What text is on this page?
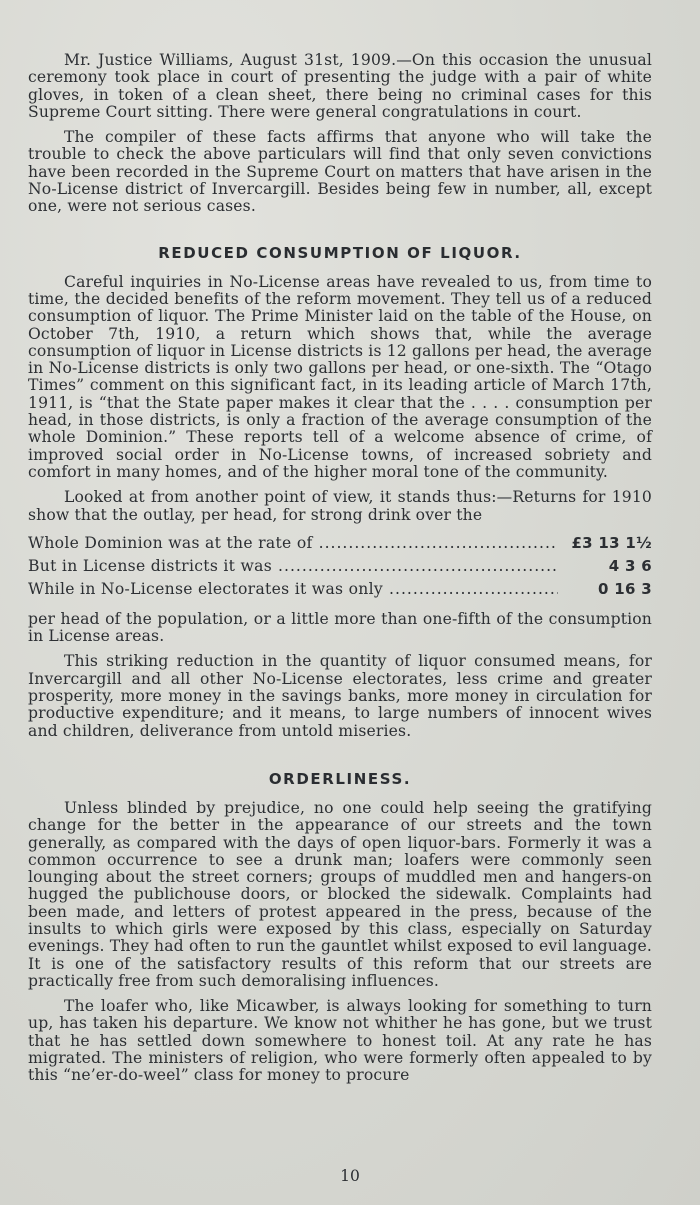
Mr. Justice Williams, August 31st, 1909.—On this occasion the unusual ceremony took place in court of presenting the judge with a pair of white gloves, in token of a clean sheet, there being no criminal cases for this Supreme Court sitting. There were general congratulations in court.

The compiler of these facts affirms that anyone who will take the trouble to check the above particulars will find that only seven convictions have been recorded in the Supreme Court on matters that have arisen in the No-License district of Invercargill. Besides being few in number, all, except one, were not serious cases.

REDUCED CONSUMPTION OF LIQUOR.

Careful inquiries in No-License areas have revealed to us, from time to time, the decided benefits of the reform movement. They tell us of a reduced consumption of liquor. The Prime Minister laid on the table of the House, on October 7th, 1910, a return which shows that, while the average consumption of liquor in License districts is 12 gallons per head, the average in No-License districts is only two gallons per head, or one-sixth. The “Otago Times” comment on this significant fact, in its leading article of March 17th, 1911, is “that the State paper makes it clear that the . . . . consumption per head, in those districts, is only a fraction of the average consumption of the whole Dominion.” These reports tell of a welcome absence of crime, of improved social order in No-License towns, of increased sobriety and comfort in many homes, and of the higher moral tone of the community.

Looked at from another point of view, it stands thus:—Returns for 1910 show that the outlay, per head, for strong drink over the

Whole Dominion was at the rate of .....	£3 13 1½
But in License districts it was .....	4 3 6
While in No-License electorates it was only .....	0 16 3

per head of the population, or a little more than one-fifth of the consumption in License areas.

This striking reduction in the quantity of liquor consumed means, for Invercargill and all other No-License electorates, less crime and greater prosperity, more money in the savings banks, more money in circulation for productive expenditure; and it means, to large numbers of innocent wives and children, deliverance from untold miseries.

ORDERLINESS.

Unless blinded by prejudice, no one could help seeing the gratifying change for the better in the appearance of our streets and the town generally, as compared with the days of open liquor-bars. Formerly it was a common occurrence to see a drunk man; loafers were commonly seen lounging about the street corners; groups of muddled men and hangers-on hugged the publichouse doors, or blocked the sidewalk. Complaints had been made, and letters of protest appeared in the press, because of the insults to which girls were exposed by this class, especially on Saturday evenings. They had often to run the gauntlet whilst exposed to evil language. It is one of the satisfactory results of this reform that our streets are practically free from such demoralising influences.

The loafer who, like Micawber, is always looking for something to turn up, has taken his departure. We know not whither he has gone, but we trust that he has settled down somewhere to honest toil. At any rate he has migrated. The ministers of religion, who were formerly often appealed to by this “ne’er-do-weel” class for money to procure

10
